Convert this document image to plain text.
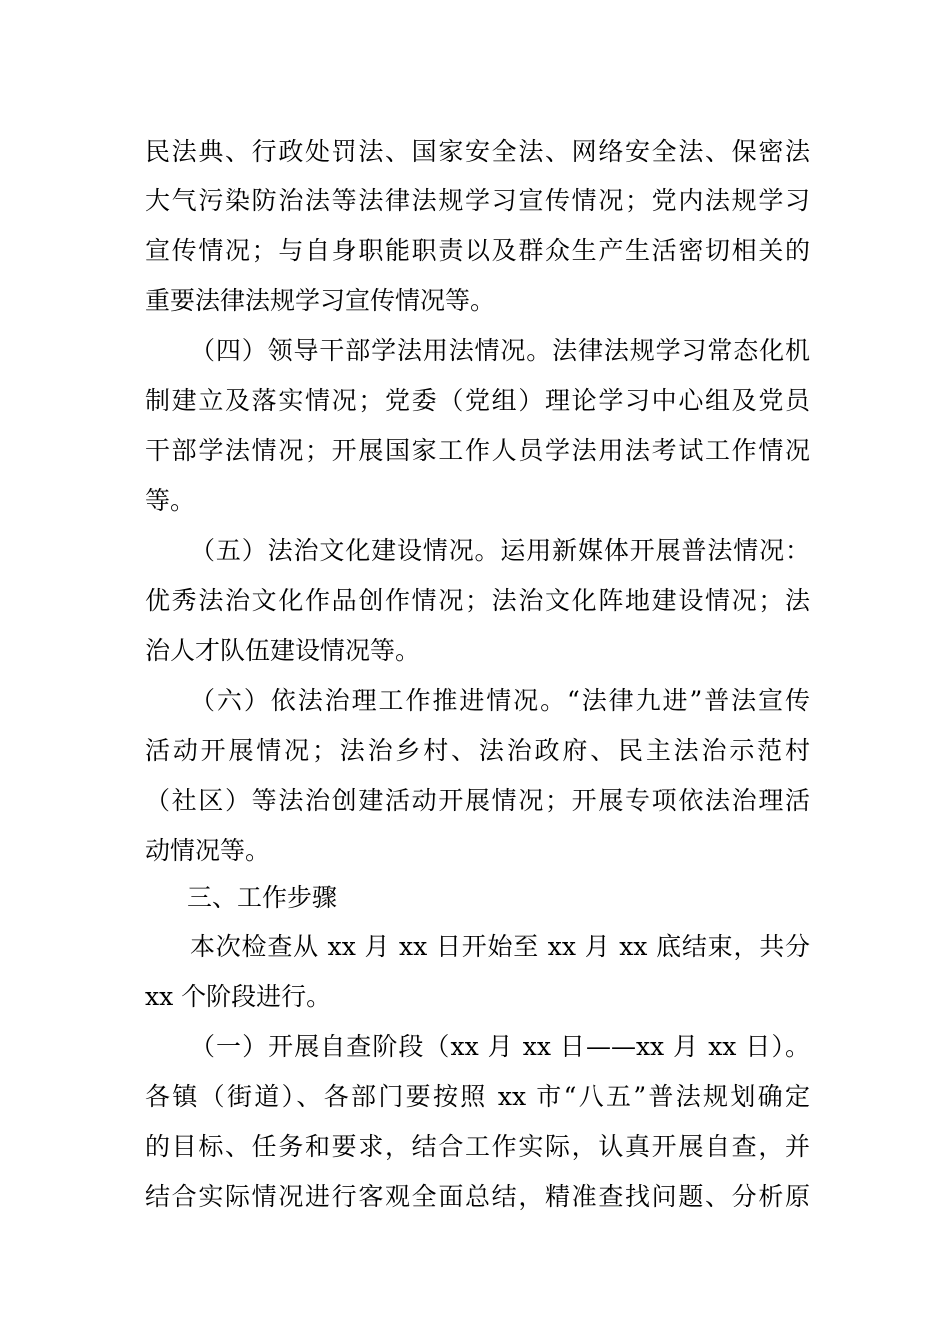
民法典、行政处罚法、国家安全法、网络安全法、保密法
大气污染防治法等法律法规学习宣传情况；党内法规学习
宣传情况；与自身职能职责以及群众生产生活密切相关的
重要法律法规学习宣传情况等。
（四）领导干部学法用法情况。法律法规学习常态化机
制建立及落实情况；党委（党组）理论学习中心组及党员
干部学法情况；开展国家工作人员学法用法考试工作情况
等。
（五）法治文化建设情况。运用新媒体开展普法情况：
优秀法治文化作品创作情况；法治文化阵地建设情况；法
治人才队伍建设情况等。
（六）依法治理工作推进情况。“法律九进”普法宣传
活动开展情况；法治乡村、法治政府、民主法治示范村
（社区）等法治创建活动开展情况；开展专项依法治理活
动情况等。
三、工作步骤
本次检查从 xx 月 xx 日开始至 xx 月 xx 底结束，共分
xx 个阶段进行。
（一）开展自查阶段（xx 月 xx 日——xx 月 xx 日）。
各镇（街道）、各部门要按照 xx 市“八五”普法规划确定
的目标、任务和要求，结合工作实际，认真开展自查，并
结合实际情况进行客观全面总结，精准查找问题、分析原
